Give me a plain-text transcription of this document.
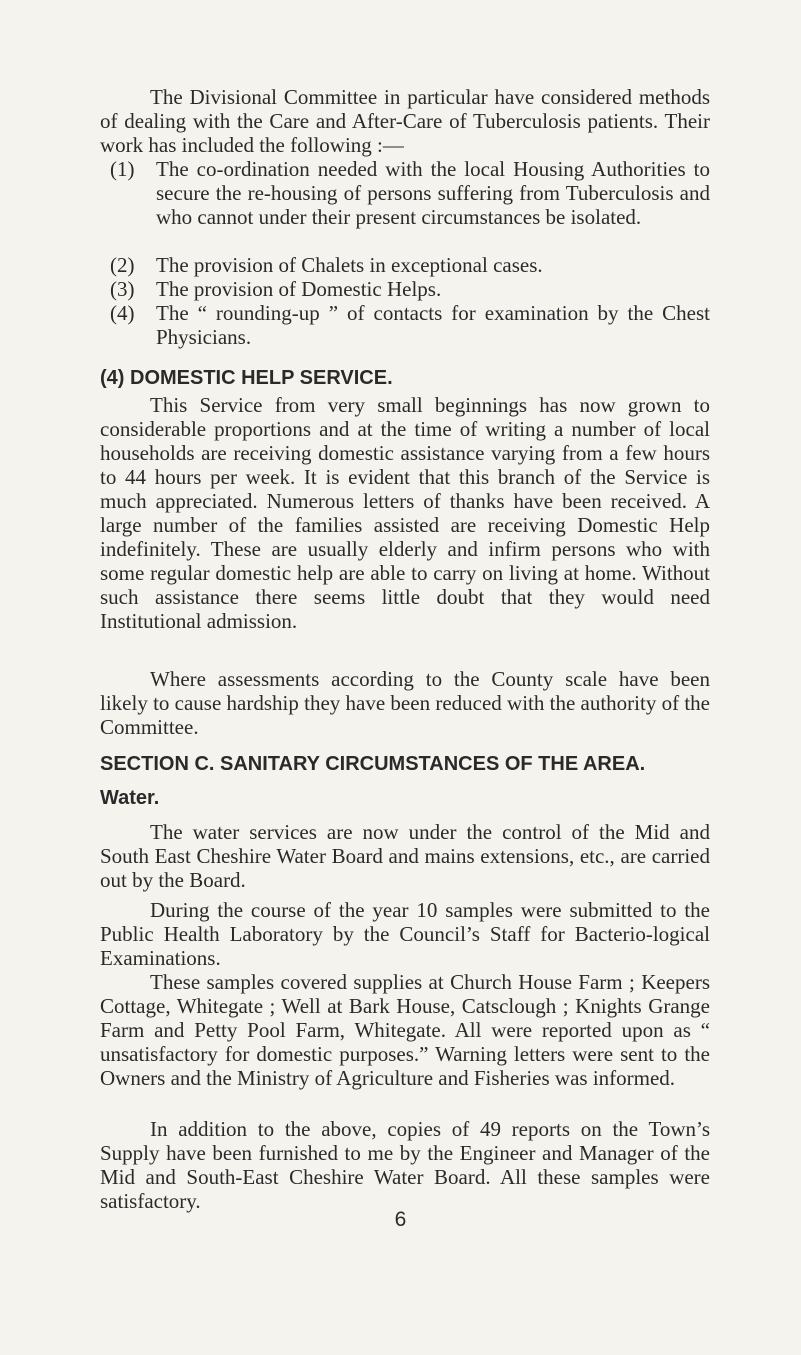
The Divisional Committee in particular have considered methods of dealing with the Care and After-Care of Tuberculosis patients. Their work has included the following :—

(1) The co-ordination needed with the local Housing Authorities to secure the re-housing of persons suffering from Tuberculosis and who cannot under their present circumstances be isolated.
(2) The provision of Chalets in exceptional cases.
(3) The provision of Domestic Helps.
(4) The “ rounding-up ” of contacts for examination by the Chest Physicians.
(4) DOMESTIC HELP SERVICE.

This Service from very small beginnings has now grown to considerable proportions and at the time of writing a number of local households are receiving domestic assistance varying from a few hours to 44 hours per week. It is evident that this branch of the Service is much appreciated. Numerous letters of thanks have been received. A large number of the families assisted are receiving Domestic Help indefinitely. These are usually elderly and infirm persons who with some regular domestic help are able to carry on living at home. Without such assistance there seems little doubt that they would need Institutional admission.

Where assessments according to the County scale have been likely to cause hardship they have been reduced with the authority of the Committee.

SECTION C. SANITARY CIRCUMSTANCES OF THE AREA.
Water.

The water services are now under the control of the Mid and South East Cheshire Water Board and mains extensions, etc., are carried out by the Board.

During the course of the year 10 samples were submitted to the Public Health Laboratory by the Council’s Staff for Bacterio-logical Examinations.

These samples covered supplies at Church House Farm ; Keepers Cottage, Whitegate ; Well at Bark House, Catsclough ; Knights Grange Farm and Petty Pool Farm, Whitegate. All were reported upon as “ unsatisfactory for domestic purposes.” Warning letters were sent to the Owners and the Ministry of Agriculture and Fisheries was informed.

In addition to the above, copies of 49 reports on the Town’s Supply have been furnished to me by the Engineer and Manager of the Mid and South-East Cheshire Water Board. All these samples were satisfactory.

6
